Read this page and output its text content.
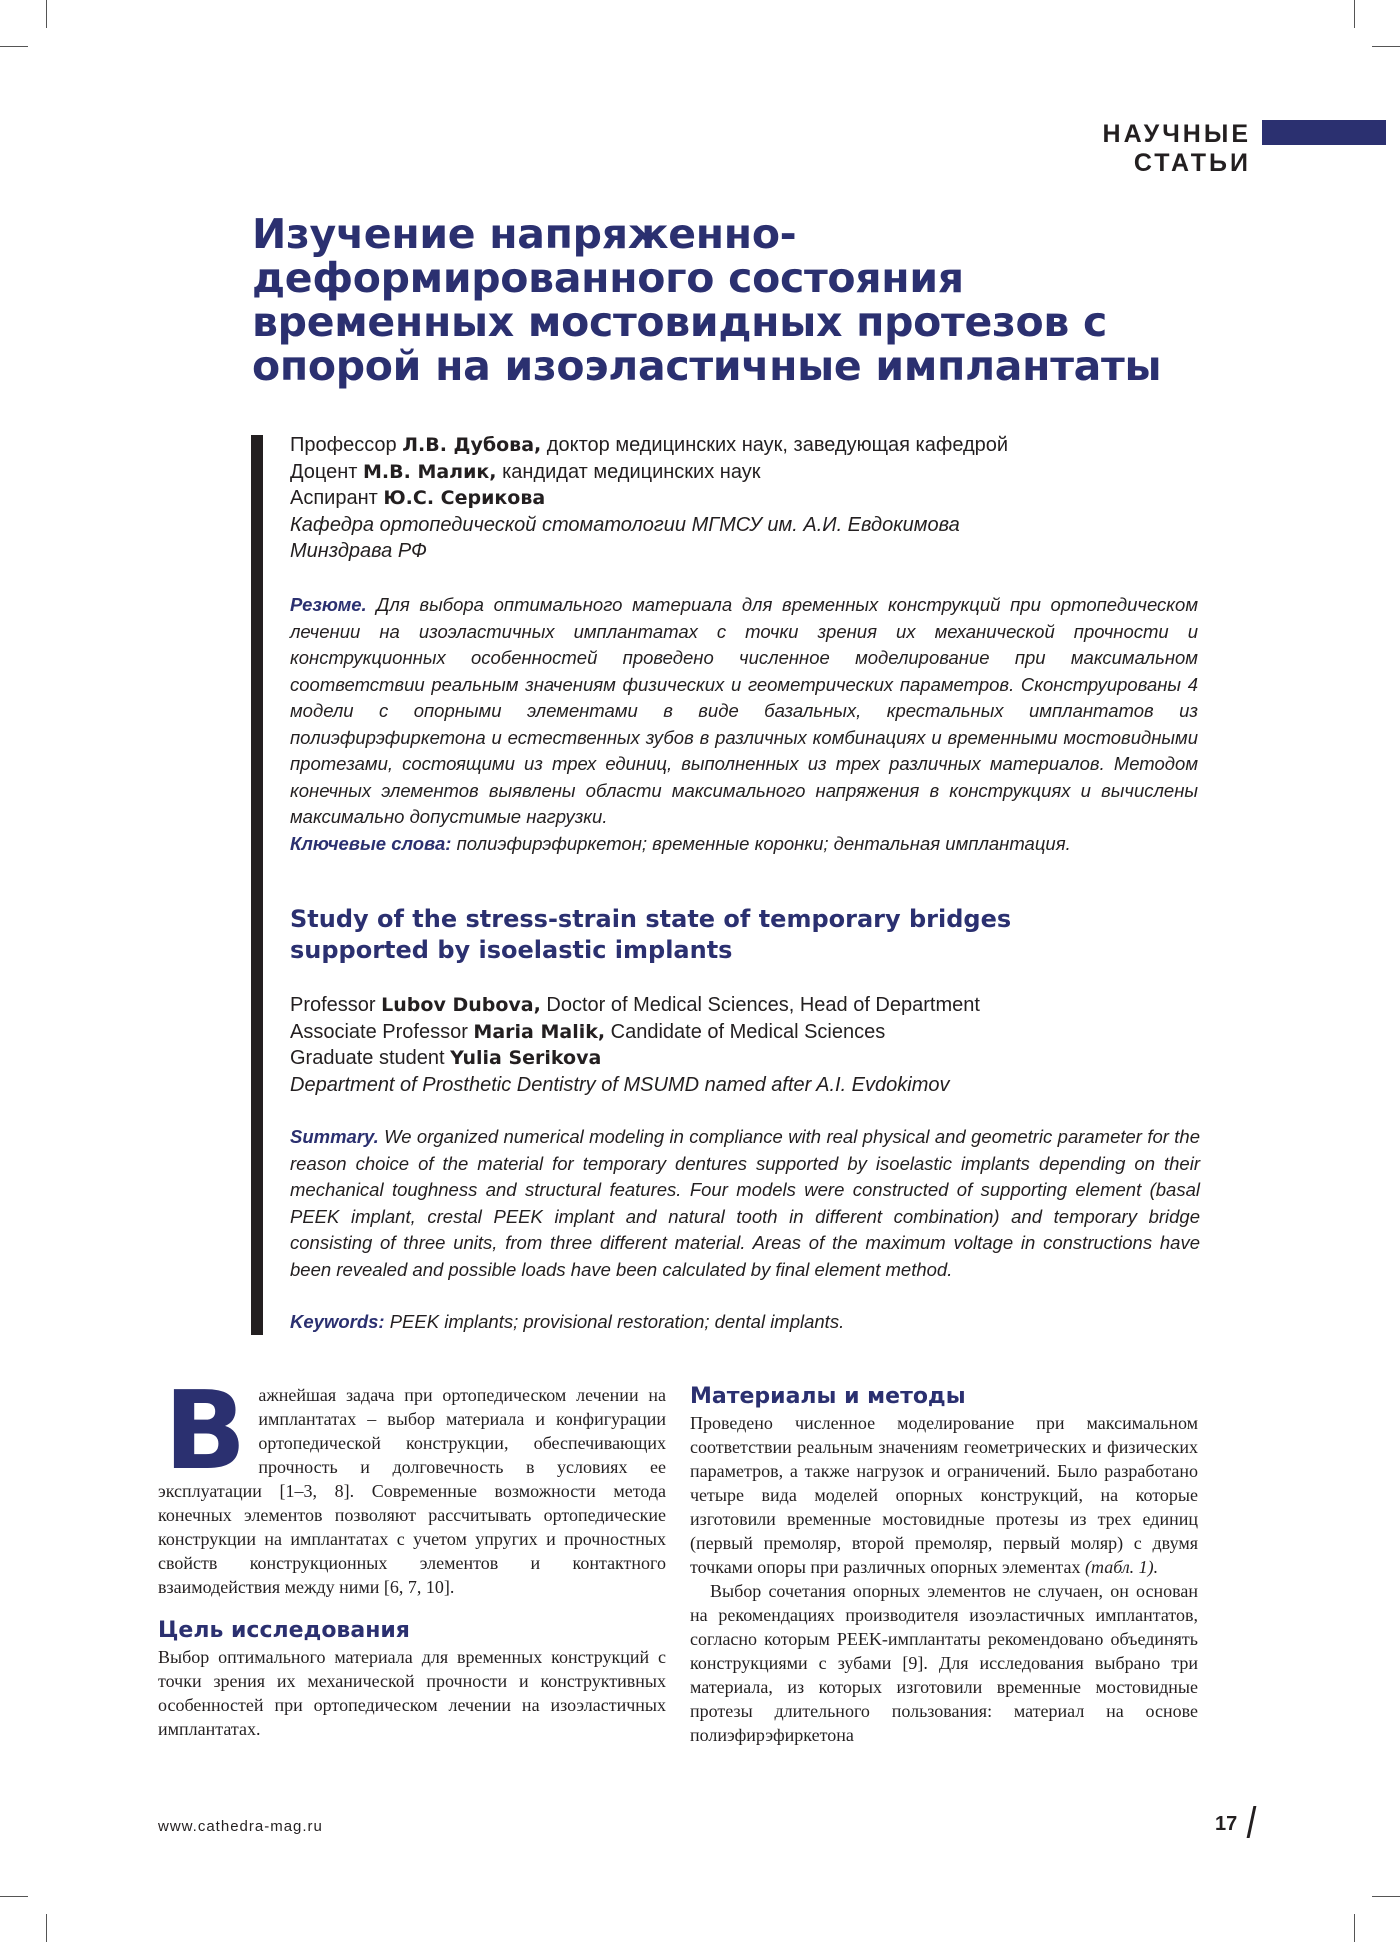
НАУЧНЫЕ СТАТЬИ
Изучение напряженно-
деформированного состояния
временных мостовидных протезов с
опорой на изоэластичные имплантаты
Профессор Л.В. Дубова, доктор медицинских наук, заведующая кафедрой
Доцент М.В. Малик, кандидат медицинских наук
Аспирант Ю.С. Серикова
Кафедра ортопедической стоматологии МГМСУ им. А.И. Евдокимова
Минздрава РФ
Резюме. Для выбора оптимального материала для временных конструкций при ортопедическом лечении на изоэластичных имплантатах с точки зрения их механической прочности и конструкционных особенностей проведено численное моделирование при максимальном соответствии реальным значениям физических и геометрических параметров. Сконструированы 4 модели с опорными элементами в виде базальных, крестальных имплантатов из полиэфирэфиркетона и естественных зубов в различных комбинациях и временными мостовидными протезами, состоящими из трех единиц, выполненных из трех различных материалов. Методом конечных элементов выявлены области максимального напряжения в конструкциях и вычислены максимально допустимые нагрузки.
Ключевые слова: полиэфирэфиркетон; временные коронки; дентальная имплантация.
Study of the stress-strain state of temporary bridges
supported by isoelastic implants
Professor Lubov Dubova, Doctor of Medical Sciences, Head of Department
Associate Professor Maria Malik, Candidate of Medical Sciences
Graduate student Yulia Serikova
Department of Prosthetic Dentistry of MSUMD named after A.I. Evdokimov
Summary. We organized numerical modeling in compliance with real physical and geometric parameter for the reason choice of the material for temporary dentures supported by isoelastic implants depending on their mechanical toughness and structural features. Four models were constructed of supporting element (basal PEEK implant, crestal PEEK implant and natural tooth in different combination) and temporary bridge consisting of three units, from three different material. Areas of the maximum voltage in constructions have been revealed and possible loads have been calculated by final element method.
Keywords: PEEK implants; provisional restoration; dental implants.

Важнейшая задача при ортопедическом лечении на имплантатах – выбор материала и конфигурации ортопедической конструкции, обеспечивающих прочность и долговечность в условиях ее эксплуатации [1–3, 8]. Современные возможности метода конечных элементов позволяют рассчитывать ортопедические конструкции на имплантатах с учетом упругих и прочностных свойств конструкционных элементов и контактного взаимодействия между ними [6, 7, 10].

Цель исследования

Выбор оптимального материала для временных конструкций с точки зрения их механической прочности и конструктивных особенностей при ортопедическом лечении на изоэластичных имплантатах.

Материалы и методы

Проведено численное моделирование при максимальном соответствии реальным значениям геометрических и физических параметров, а также нагрузок и ограничений. Было разработано четыре вида моделей опорных конструкций, на которые изготовили временные мостовидные протезы из трех единиц (первый премоляр, второй премоляр, первый моляр) с двумя точками опоры при различных опорных элементах (табл. 1).

Выбор сочетания опорных элементов не случаен, он основан на рекомендациях производителя изоэластичных имплантатов, согласно которым PEEK-имплантаты рекомендовано объединять конструкциями с зубами [9]. Для исследования выбрано три материала, из которых изготовили временные мостовидные протезы длительного пользования: материал на основе полиэфирэфиркетона

www.cathedra-mag.ru	17
